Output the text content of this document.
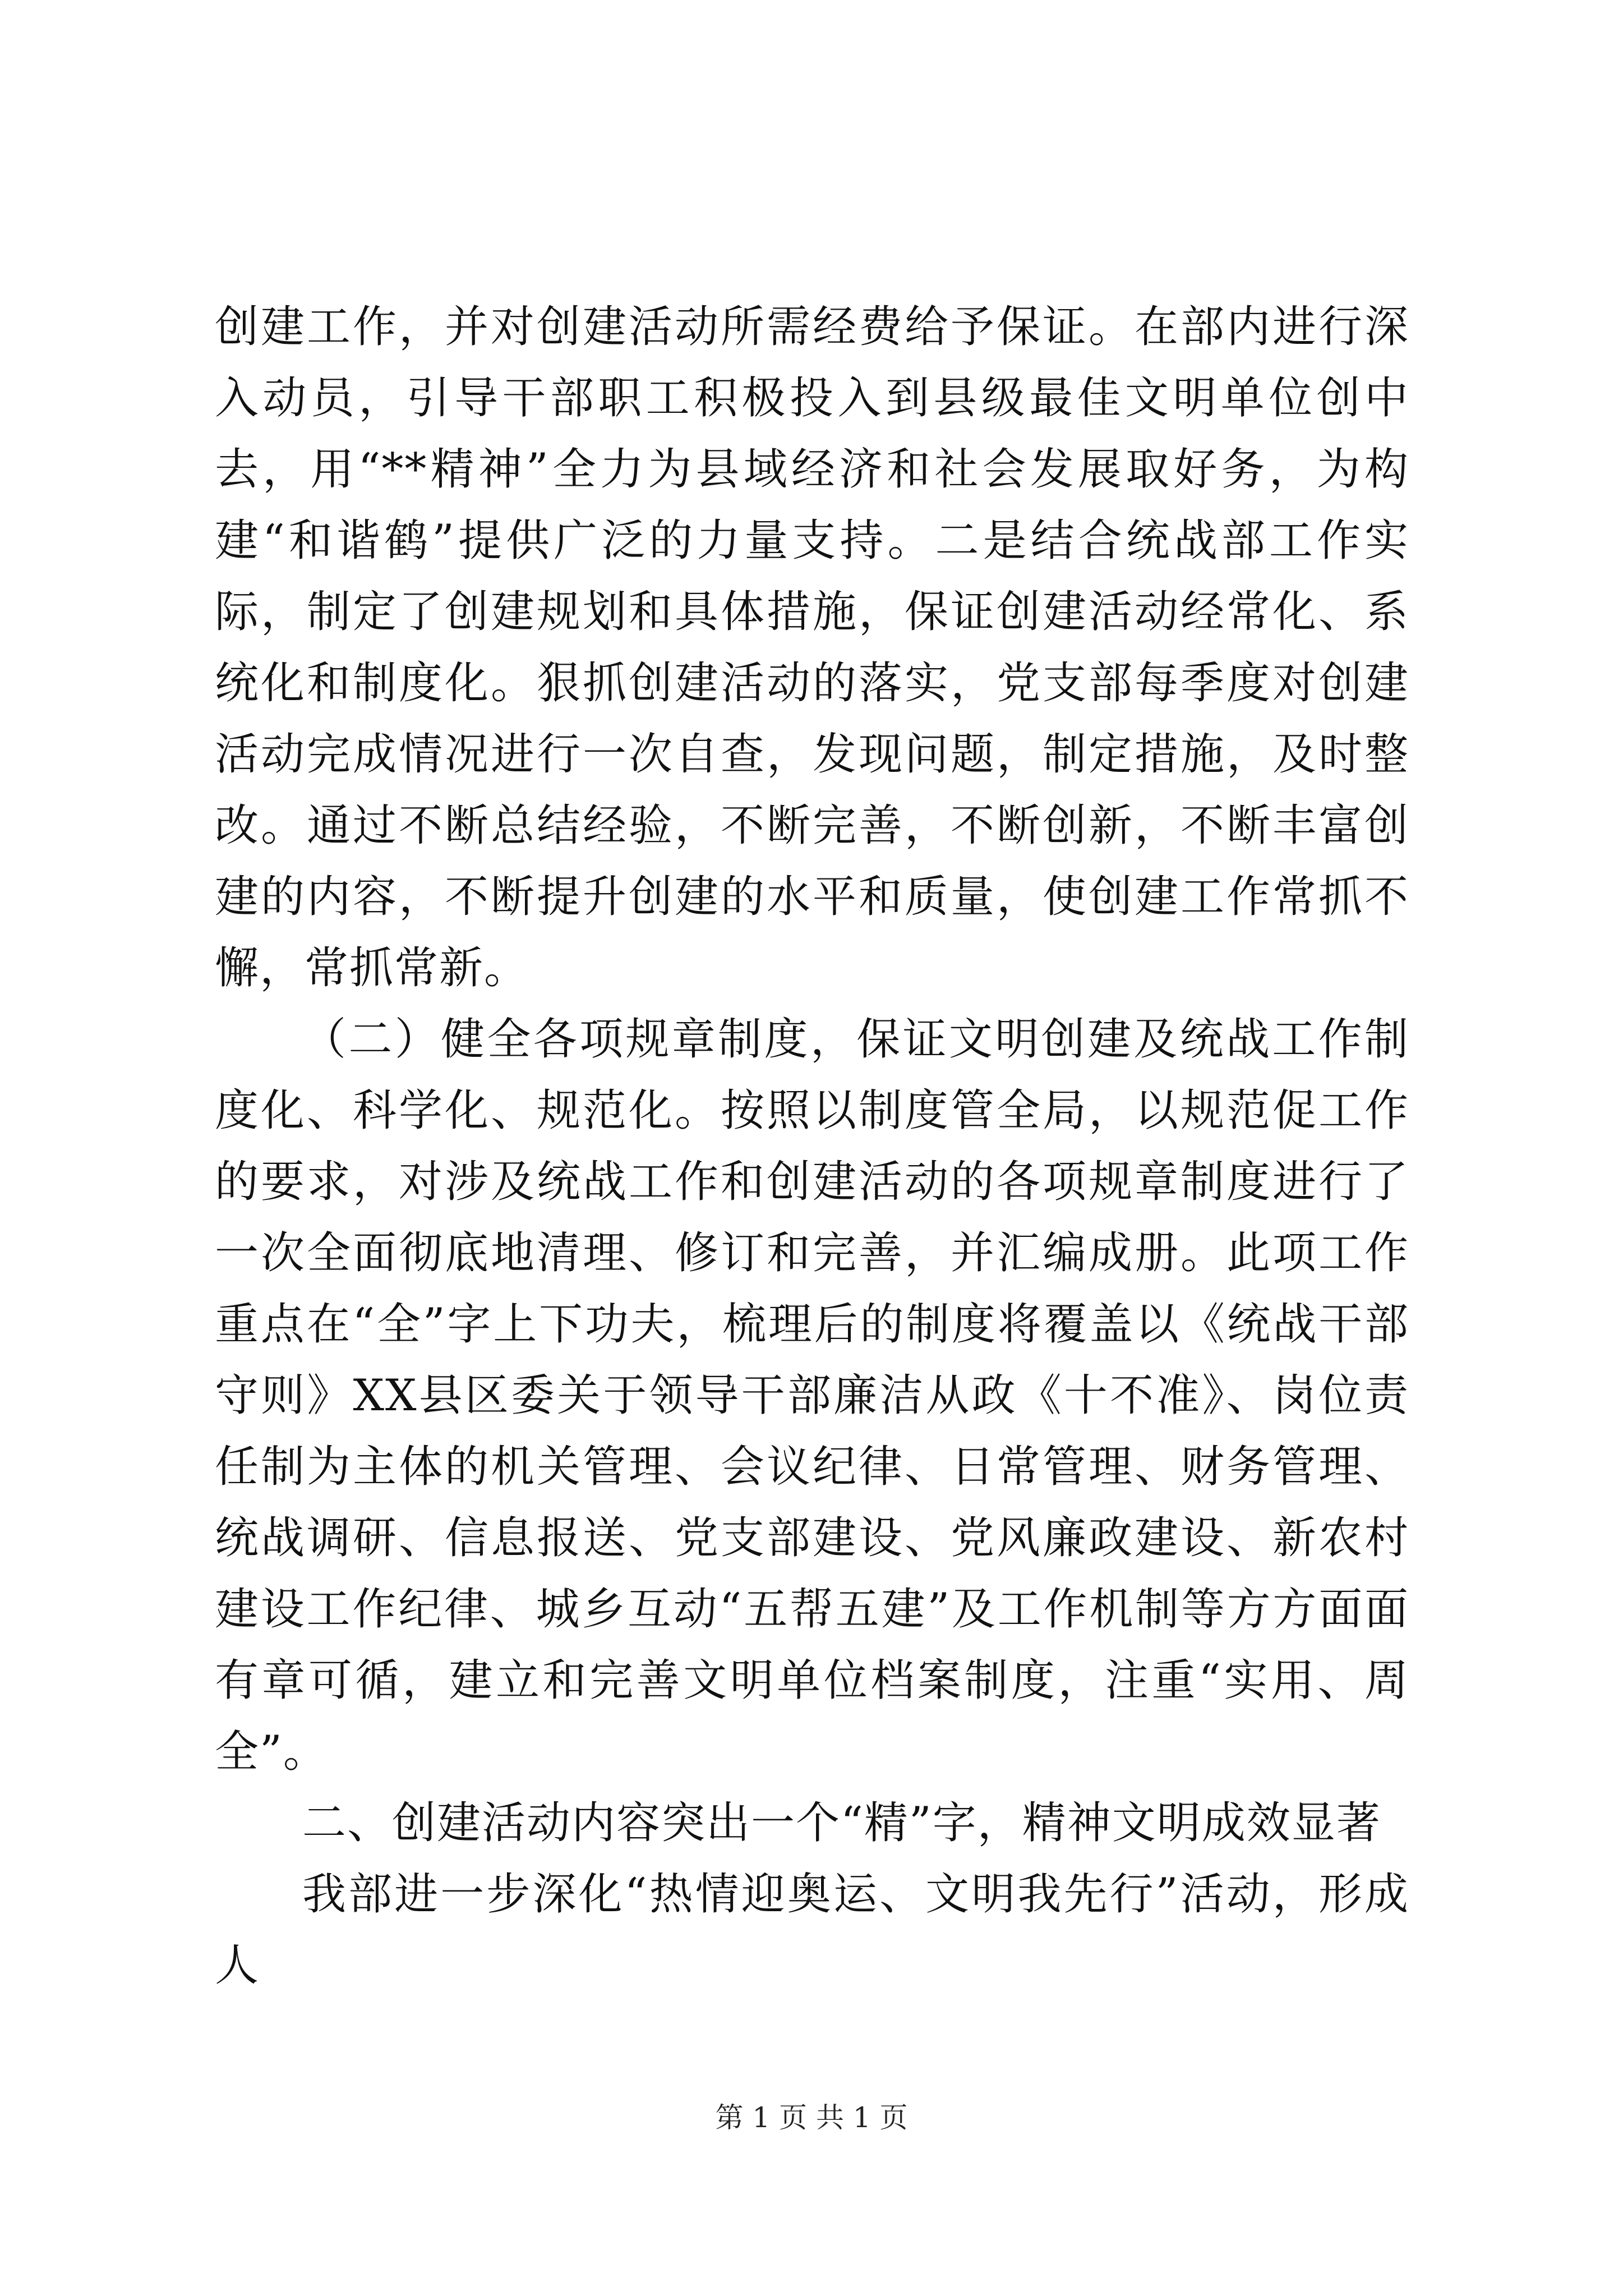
创建工作，并对创建活动所需经费给予保证。在部内进行深入动员，引导干部职工积极投入到县级最佳文明单位创中去，用“**精神”全力为县域经济和社会发展取好务，为构建“和谐鹤”提供广泛的力量支持。二是结合统战部工作实际，制定了创建规划和具体措施，保证创建活动经常化、系统化和制度化。狠抓创建活动的落实，党支部每季度对创建活动完成情况进行一次自查，发现问题，制定措施，及时整改。通过不断总结经验，不断完善，不断创新，不断丰富创建的内容，不断提升创建的水平和质量，使创建工作常抓不懈，常抓常新。

（二）健全各项规章制度，保证文明创建及统战工作制度化、科学化、规范化。按照以制度管全局，以规范促工作的要求，对涉及统战工作和创建活动的各项规章制度进行了一次全面彻底地清理、修订和完善，并汇编成册。此项工作重点在“全”字上下功夫，梳理后的制度将覆盖以《统战干部守则》XX县区委关于领导干部廉洁从政《十不准》、岗位责任制为主体的机关管理、会议纪律、日常管理、财务管理、统战调研、信息报送、党支部建设、党风廉政建设、新农村建设工作纪律、城乡互动“五帮五建”及工作机制等方方面面有章可循，建立和完善文明单位档案制度，注重“实用、周全”。

二、创建活动内容突出一个“精”字，精神文明成效显著

我部进一步深化“热情迎奥运、文明我先行”活动，形成人

第 1 页 共 1 页
